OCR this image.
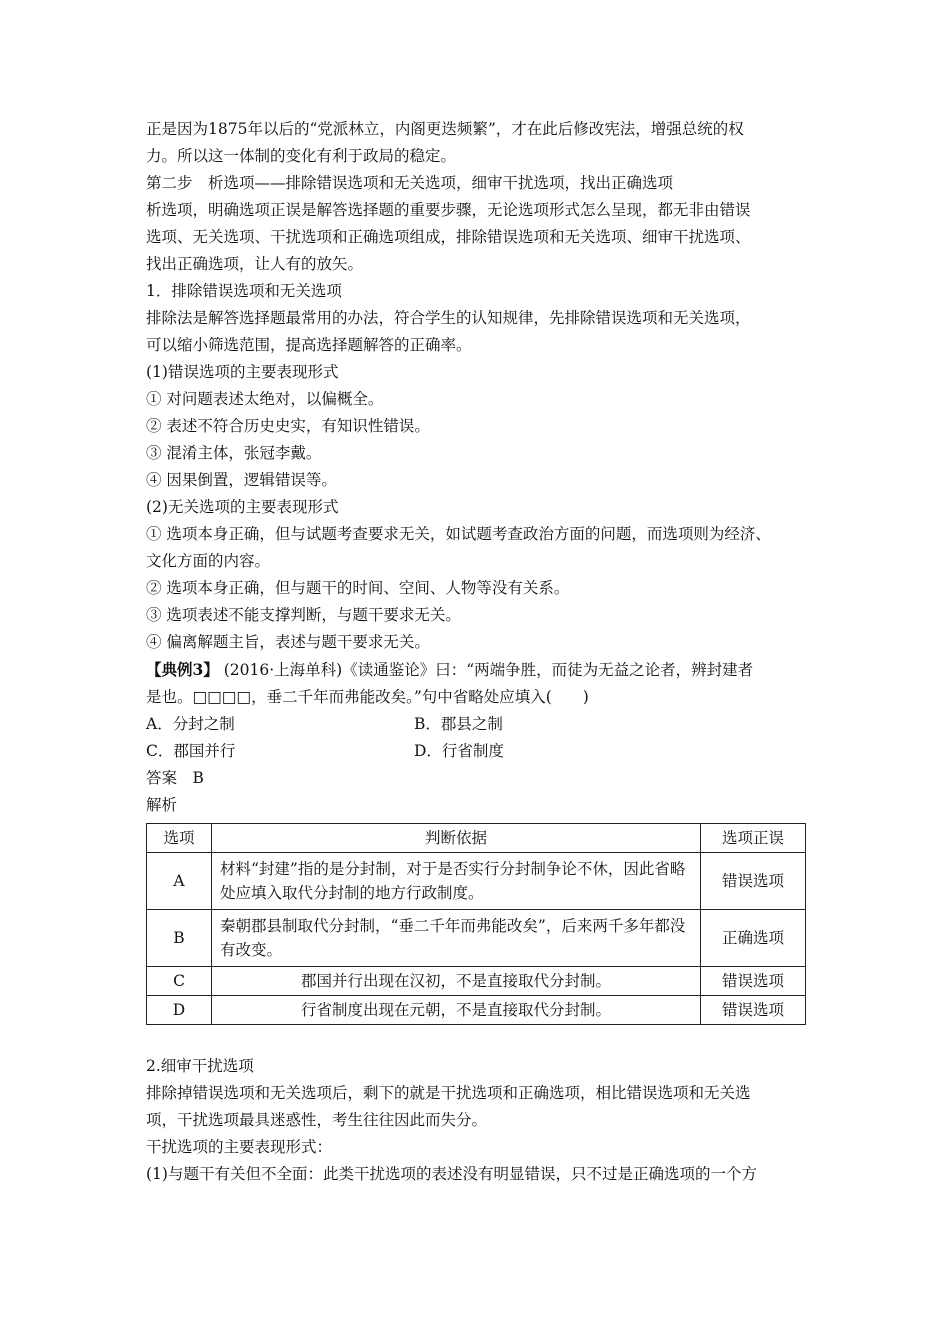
正是因为1875年以后的“党派林立，内阁更迭频繁”，才在此后修改宪法，增强总统的权

力。所以这一体制的变化有利于政局的稳定。

第二步　析选项——排除错误选项和无关选项，细审干扰选项，找出正确选项

析选项，明确选项正误是解答选择题的重要步骤，无论选项形式怎么呈现，都无非由错误

选项、无关选项、干扰选项和正确选项组成，排除错误选项和无关选项、细审干扰选项、

找出正确选项，让人有的放矢。

1．排除错误选项和无关选项

排除法是解答选择题最常用的办法，符合学生的认知规律，先排除错误选项和无关选项，

可以缩小筛选范围，提高选择题解答的正确率。

(1)错误选项的主要表现形式

① 对问题表述太绝对，以偏概全。

② 表述不符合历史史实，有知识性错误。

③ 混淆主体，张冠李戴。

④ 因果倒置，逻辑错误等。

(2)无关选项的主要表现形式

① 选项本身正确，但与试题考查要求无关，如试题考查政治方面的问题，而选项则为经济、

文化方面的内容。

② 选项本身正确，但与题干的时间、空间、人物等没有关系。

③ 选项表述不能支撑判断，与题干要求无关。

④ 偏离解题主旨，表述与题干要求无关。

【典例3】 (2016·上海单科)《读通鉴论》曰：“两端争胜，而徒为无益之论者，辨封建者

是也。□□□□，垂二千年而弗能改矣。”句中省略处应填入(　　)

A．分封之制	B．郡县之制
C．郡国并行	D．行省制度

答案　B

解析

选项	判断依据	选项正误
A	材料“封建”指的是分封制，对于是否实行分封制争论不休，因此省略处应填入取代分封制的地方行政制度。	错误选项
B	秦朝郡县制取代分封制，“垂二千年而弗能改矣”，后来两千多年都没有改变。	正确选项
C	郡国并行出现在汉初，不是直接取代分封制。	错误选项
D	行省制度出现在元朝，不是直接取代分封制。	错误选项

2.细审干扰选项

排除掉错误选项和无关选项后，剩下的就是干扰选项和正确选项，相比错误选项和无关选

项，干扰选项最具迷惑性，考生往往因此而失分。

干扰选项的主要表现形式：

(1)与题干有关但不全面：此类干扰选项的表述没有明显错误，只不过是正确选项的一个方
